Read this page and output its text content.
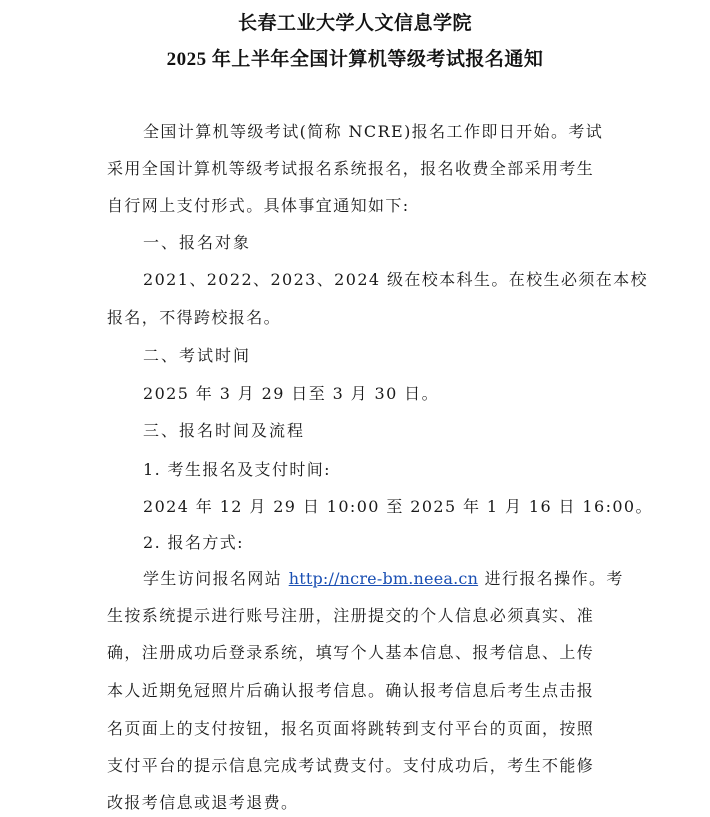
长春工业大学人文信息学院
2025 年上半年全国计算机等级考试报名通知
全国计算机等级考试(简称 NCRE)报名工作即日开始。考试
采用全国计算机等级考试报名系统报名，报名收费全部采用考生
自行网上支付形式。具体事宜通知如下:
一、报名对象
2021、2022、2023、2024 级在校本科生。在校生必须在本校
报名，不得跨校报名。
二、考试时间
2025 年 3 月 29 日至 3 月 30 日。
三、报名时间及流程
1. 考生报名及支付时间:
2024 年 12 月 29 日 10:00 至 2025 年 1 月 16 日 16:00。
2. 报名方式:
学生访问报名网站 http://ncre-bm.neea.cn 进行报名操作。考
生按系统提示进行账号注册，注册提交的个人信息必须真实、准
确，注册成功后登录系统，填写个人基本信息、报考信息、上传
本人近期免冠照片后确认报考信息。确认报考信息后考生点击报
名页面上的支付按钮，报名页面将跳转到支付平台的页面，按照
支付平台的提示信息完成考试费支付。支付成功后，考生不能修
改报考信息或退考退费。
